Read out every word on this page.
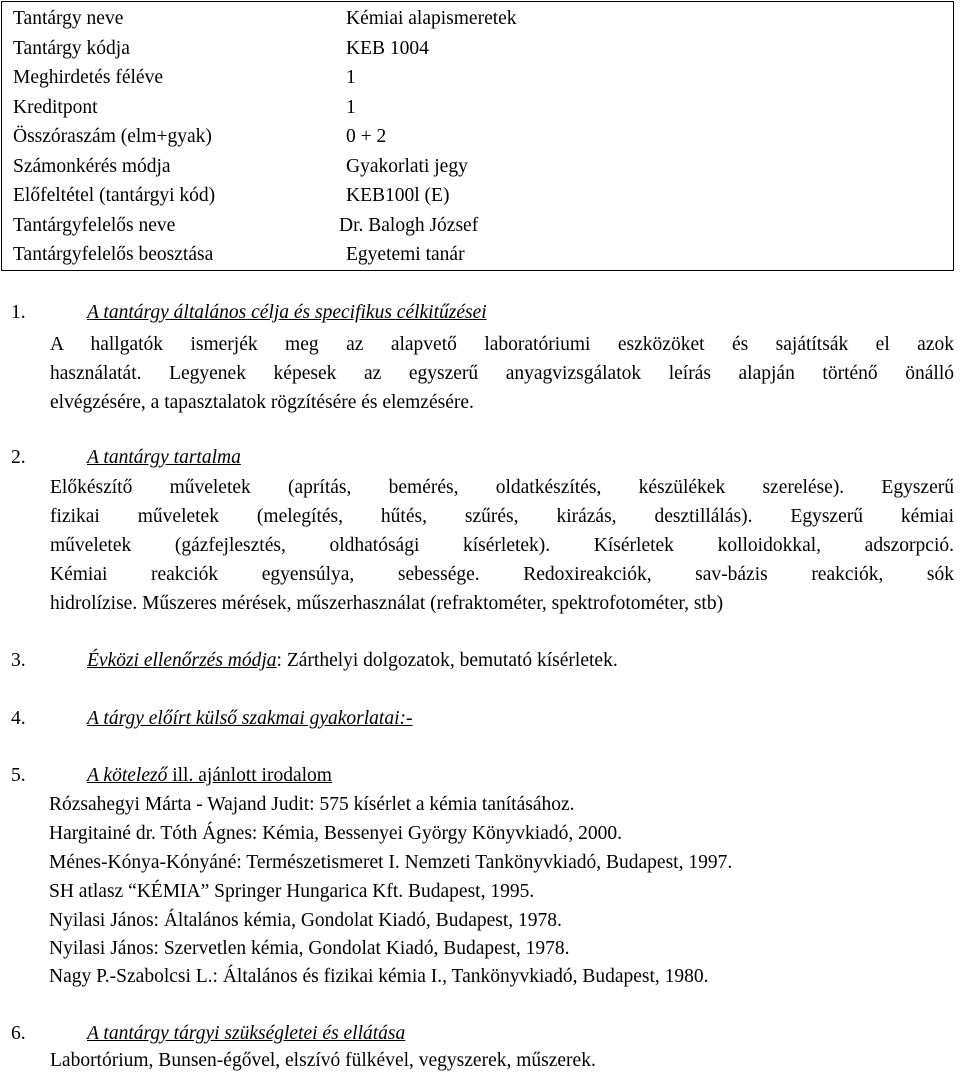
Tantárgy neve	Kémiai alapismeretek
Tantárgy kódja	KEB 1004
Meghirdetés féléve	1
Kreditpont	1
Összóraszám (elm+gyak)	0 + 2
Számonkérés módja	Gyakorlati jegy
Előfeltétel (tantárgyi kód)	KEB100l (E)
Tantárgyfelelős neve	Dr. Balogh József
Tantárgyfelelős beosztása	Egyetemi tanár
1.	A tantárgy általános célja és specifikus célkitűzései
A hallgatók ismerjék meg az alapvető laboratóriumi eszközöket és sajátítsák el azok
használatát. Legyenek képesek az egyszerű anyagvizsgálatok leírás alapján történő önálló
elvégzésére, a tapasztalatok rögzítésére és elemzésére.
2.	A tantárgy tartalma
Előkészítő műveletek (aprítás, bemérés, oldatkészítés, készülékek szerelése). Egyszerű
fizikai műveletek (melegítés, hűtés, szűrés, kirázás, desztillálás). Egyszerű kémiai
műveletek (gázfejlesztés, oldhatósági kísérletek). Kísérletek kolloidokkal, adszorpció.
Kémiai reakciók egyensúlya, sebessége. Redoxireakciók, sav-bázis reakciók, sók
hidrolízise. Műszeres mérések, műszerhasználat (refraktométer, spektrofotométer, stb)
3.	Évközi ellenőrzés módja: Zárthelyi dolgozatok, bemutató kísérletek.
4.	A tárgy előírt külső szakmai gyakorlatai:-
5.	A kötelező ill. ajánlott irodalom
Rózsahegyi Márta - Wajand Judit: 575 kísérlet a kémia tanításához.
Hargitainé dr. Tóth Ágnes: Kémia, Bessenyei György Könyvkiadó, 2000.
Ménes-Kónya-Kónyáné: Természetismeret I. Nemzeti Tankönyvkiadó, Budapest, 1997.
SH atlasz “KÉMIA” Springer Hungarica Kft. Budapest, 1995.
Nyilasi János: Általános kémia, Gondolat Kiadó, Budapest, 1978.
Nyilasi János: Szervetlen kémia, Gondolat Kiadó, Budapest, 1978.
Nagy P.-Szabolcsi L.: Általános és fizikai kémia I., Tankönyvkiadó, Budapest, 1980.
6.	A tantárgy tárgyi szükségletei és ellátása
Labortórium, Bunsen-égővel, elszívó fülkével, vegyszerek, műszerek.
